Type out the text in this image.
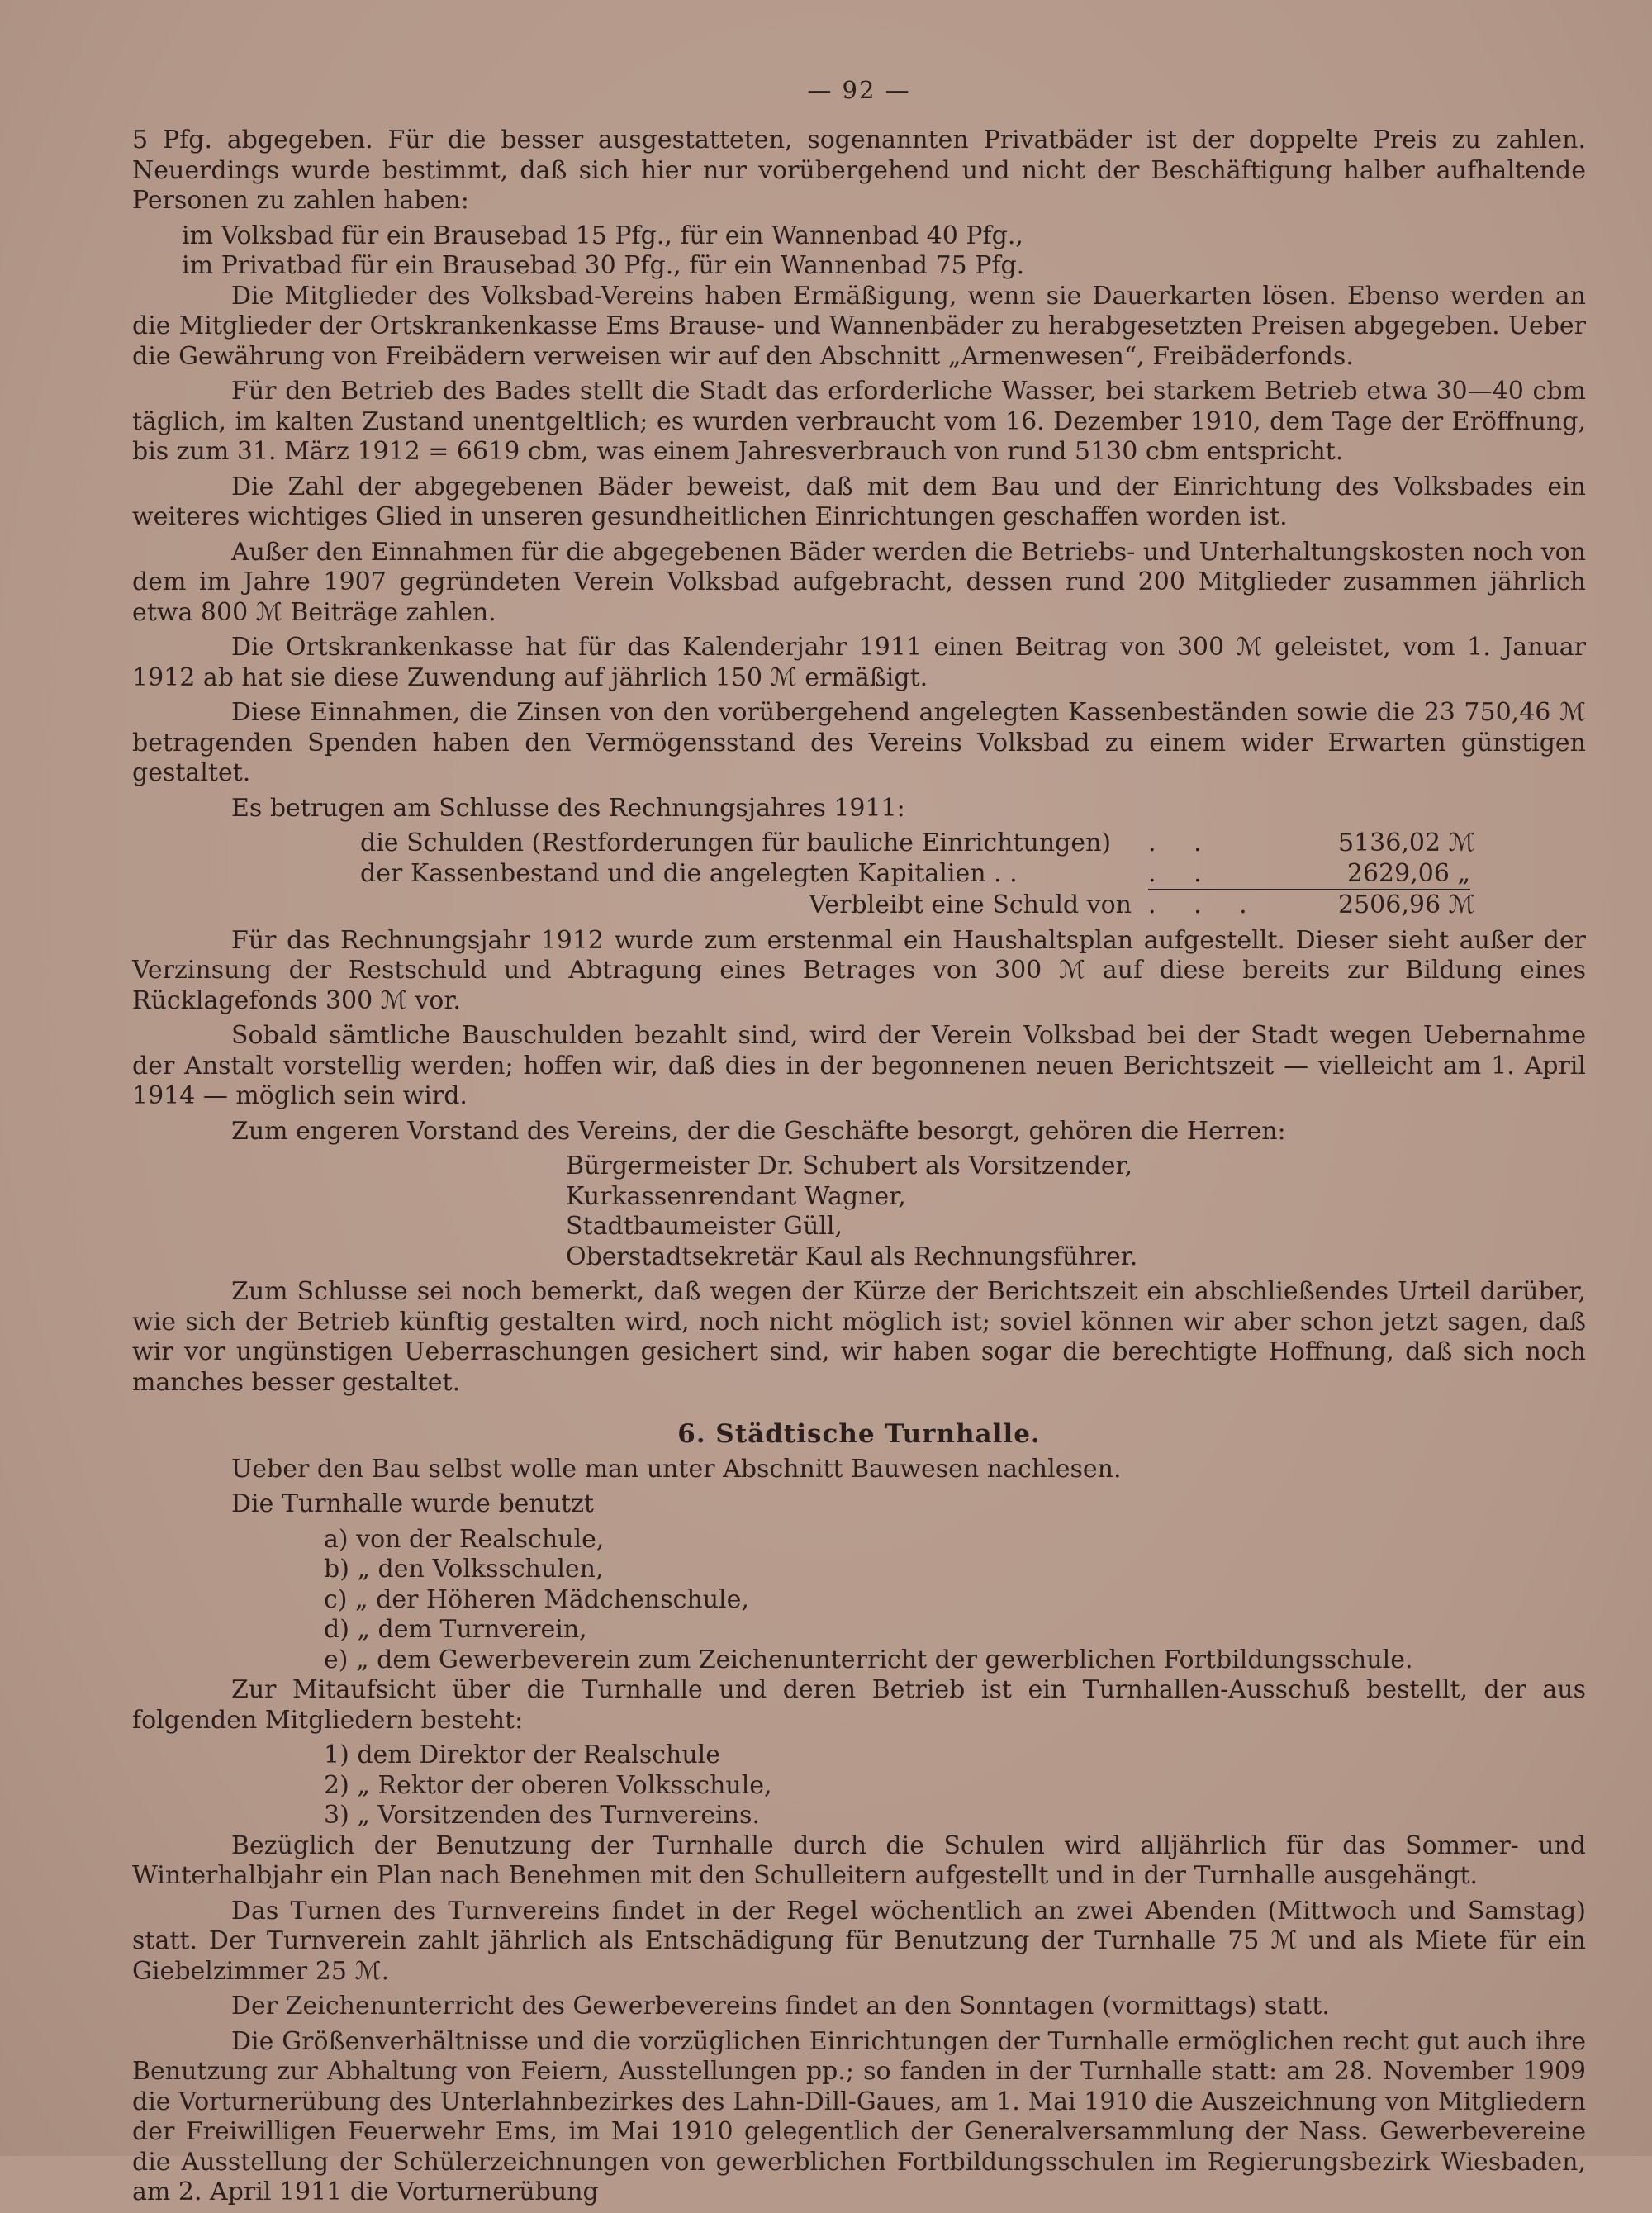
— 92 —

5 Pfg. abgegeben. Für die besser ausgestatteten, sogenannten Privatbäder ist der doppelte Preis zu zahlen. Neuerdings wurde bestimmt, daß sich hier nur vorübergehend und nicht der Beschäftigung halber aufhaltende Personen zu zahlen haben:

im Volksbad für ein Brausebad 15 Pfg., für ein Wannenbad 40 Pfg.,
im Privatbad für ein Brausebad 30 Pfg., für ein Wannenbad 75 Pfg.

Die Mitglieder des Volksbad-Vereins haben Ermäßigung, wenn sie Dauerkarten lösen. Ebenso werden an die Mitglieder der Ortskrankenkasse Ems Brause- und Wannenbäder zu herabgesetzten Preisen abgegeben. Ueber die Gewährung von Freibädern verweisen wir auf den Abschnitt „Armenwesen“, Freibäderfonds.

Für den Betrieb des Bades stellt die Stadt das erforderliche Wasser, bei starkem Betrieb etwa 30—40 cbm täglich, im kalten Zustand unentgeltlich; es wurden verbraucht vom 16. Dezember 1910, dem Tage der Eröffnung, bis zum 31. März 1912 = 6619 cbm, was einem Jahresverbrauch von rund 5130 cbm entspricht.

Die Zahl der abgegebenen Bäder beweist, daß mit dem Bau und der Einrichtung des Volksbades ein weiteres wichtiges Glied in unseren gesundheitlichen Einrichtungen geschaffen worden ist.

Außer den Einnahmen für die abgegebenen Bäder werden die Betriebs- und Unterhaltungskosten noch von dem im Jahre 1907 gegründeten Verein Volksbad aufgebracht, dessen rund 200 Mitglieder zusammen jährlich etwa 800 ℳ Beiträge zahlen.

Die Ortskrankenkasse hat für das Kalenderjahr 1911 einen Beitrag von 300 ℳ geleistet, vom 1. Januar 1912 ab hat sie diese Zuwendung auf jährlich 150 ℳ ermäßigt.

Diese Einnahmen, die Zinsen von den vorübergehend angelegten Kassenbeständen sowie die 23 750,46 ℳ betragenden Spenden haben den Vermögensstand des Vereins Volksbad zu einem wider Erwarten günstigen gestaltet.

Es betrugen am Schlusse des Rechnungsjahres 1911:

die Schulden (Restforderungen für bauliche Einrichtungen)	. .	5136,02 ℳ
der Kassenbestand und die angelegten Kapitalien . .	. .	2629,06 „
Verbleibt eine Schuld von . . .	2506,96 ℳ

Für das Rechnungsjahr 1912 wurde zum erstenmal ein Haushaltsplan aufgestellt. Dieser sieht außer der Verzinsung der Restschuld und Abtragung eines Betrages von 300 ℳ auf diese bereits zur Bildung eines Rücklagefonds 300 ℳ vor.

Sobald sämtliche Bauschulden bezahlt sind, wird der Verein Volksbad bei der Stadt wegen Uebernahme der Anstalt vorstellig werden; hoffen wir, daß dies in der begonnenen neuen Berichtszeit — vielleicht am 1. April 1914 — möglich sein wird.

Zum engeren Vorstand des Vereins, der die Geschäfte besorgt, gehören die Herren:

Bürgermeister Dr. Schubert als Vorsitzender,
Kurkassenrendant Wagner,
Stadtbaumeister Güll,
Oberstadtsekretär Kaul als Rechnungsführer.

Zum Schlusse sei noch bemerkt, daß wegen der Kürze der Berichtszeit ein abschließendes Urteil darüber, wie sich der Betrieb künftig gestalten wird, noch nicht möglich ist; soviel können wir aber schon jetzt sagen, daß wir vor ungünstigen Ueberraschungen gesichert sind, wir haben sogar die berechtigte Hoffnung, daß sich noch manches besser gestaltet.

6. Städtische Turnhalle.

Ueber den Bau selbst wolle man unter Abschnitt Bauwesen nachlesen.

Die Turnhalle wurde benutzt

a) von der Realschule,
b) „ den Volksschulen,
c) „ der Höheren Mädchenschule,
d) „ dem Turnverein,
e) „ dem Gewerbeverein zum Zeichenunterricht der gewerblichen Fortbildungsschule.

Zur Mitaufsicht über die Turnhalle und deren Betrieb ist ein Turnhallen-Ausschuß bestellt, der aus folgenden Mitgliedern besteht:

1) dem Direktor der Realschule
2) „ Rektor der oberen Volksschule,
3) „ Vorsitzenden des Turnvereins.

Bezüglich der Benutzung der Turnhalle durch die Schulen wird alljährlich für das Sommer- und Winterhalbjahr ein Plan nach Benehmen mit den Schulleitern aufgestellt und in der Turnhalle ausgehängt.

Das Turnen des Turnvereins findet in der Regel wöchentlich an zwei Abenden (Mittwoch und Samstag) statt. Der Turnverein zahlt jährlich als Entschädigung für Benutzung der Turnhalle 75 ℳ und als Miete für ein Giebelzimmer 25 ℳ.

Der Zeichenunterricht des Gewerbevereins findet an den Sonntagen (vormittags) statt.

Die Größenverhältnisse und die vorzüglichen Einrichtungen der Turnhalle ermöglichen recht gut auch ihre Benutzung zur Abhaltung von Feiern, Ausstellungen pp.; so fanden in der Turnhalle statt: am 28. November 1909 die Vorturnerübung des Unterlahnbezirkes des Lahn-Dill-Gaues, am 1. Mai 1910 die Auszeichnung von Mitgliedern der Freiwilligen Feuerwehr Ems, im Mai 1910 gelegentlich der Generalversammlung der Nass. Gewerbevereine die Ausstellung der Schülerzeichnungen von gewerblichen Fortbildungsschulen im Regierungsbezirk Wiesbaden, am 2. April 1911 die Vorturnerübung
